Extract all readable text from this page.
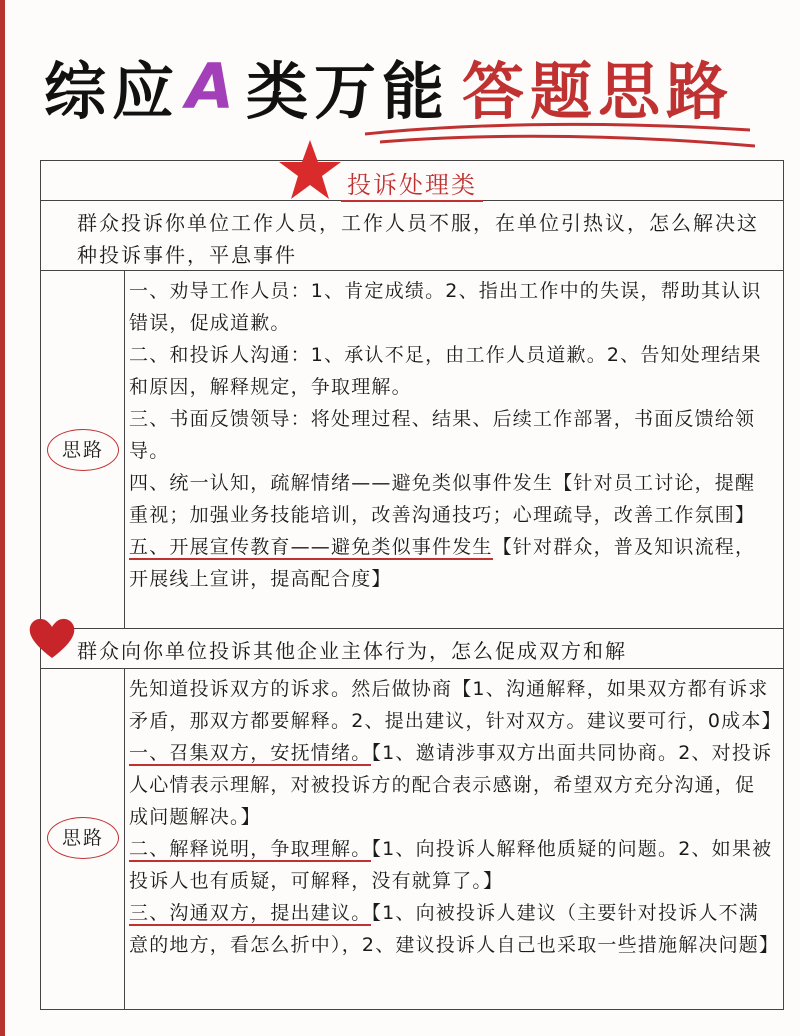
综应 A 类万能 答题思路
投诉处理类
群众投诉你单位工作人员，工作人员不服，在单位引热议，怎么解决这种投诉事件，平息事件
思路

一、劝导工作人员：1、肯定成绩。2、指出工作中的失误，帮助其认识错误，促成道歉。

二、和投诉人沟通：1、承认不足，由工作人员道歉。2、告知处理结果和原因，解释规定，争取理解。

三、书面反馈领导：将处理过程、结果、后续工作部署，书面反馈给领导。

四、统一认知，疏解情绪——避免类似事件发生【针对员工讨论，提醒重视；加强业务技能培训，改善沟通技巧；心理疏导，改善工作氛围】

五、开展宣传教育——避免类似事件发生【针对群众，普及知识流程，开展线上宣讲，提高配合度】

群众向你单位投诉其他企业主体行为，怎么促成双方和解
思路

先知道投诉双方的诉求。然后做协商【1、沟通解释，如果双方都有诉求矛盾，那双方都要解释。2、提出建议，针对双方。建议要可行，0成本】

一、召集双方，安抚情绪。【1、邀请涉事双方出面共同协商。2、对投诉人心情表示理解，对被投诉方的配合表示感谢，希望双方充分沟通，促成问题解决。】

二、解释说明，争取理解。【1、向投诉人解释他质疑的问题。2、如果被投诉人也有质疑，可解释，没有就算了。】

三、沟通双方，提出建议。【1、向被投诉人建议（主要针对投诉人不满意的地方，看怎么折中），2、建议投诉人自己也采取一些措施解决问题】
